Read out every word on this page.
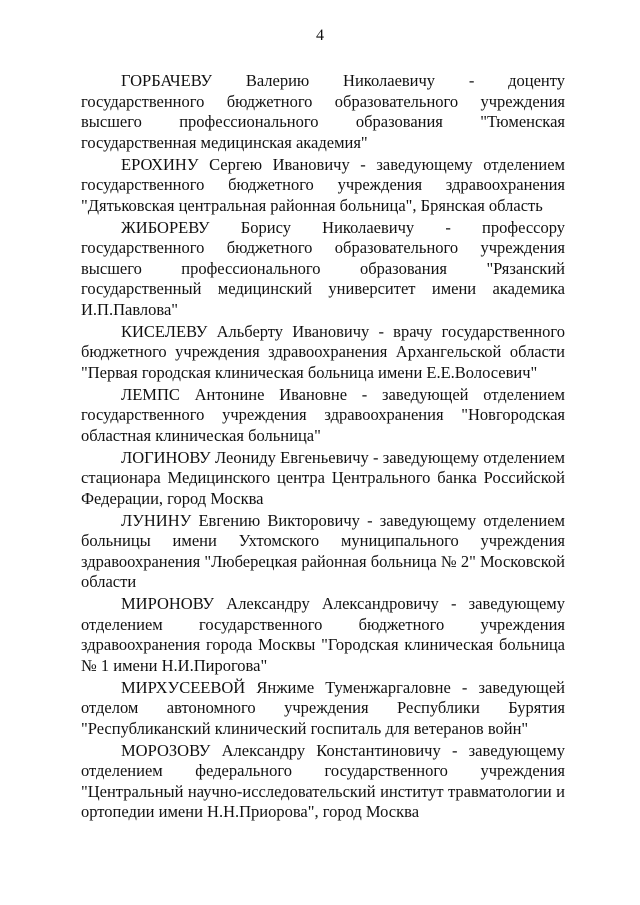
4
ГОРБАЧЕВУ Валерию Николаевичу - доценту
государственного бюджетного образовательного учреждения
высшего профессионального образования "Тюменская
государственная медицинская академия"
ЕРОХИНУ Сергею Ивановичу - заведующему отделением
государственного бюджетного учреждения здравоохранения
"Дятьковская центральная районная больница", Брянская область
ЖИБОРЕВУ Борису Николаевичу - профессору
государственного бюджетного образовательного учреждения
высшего профессионального образования "Рязанский
государственный медицинский университет имени академика
И.П.Павлова"
КИСЕЛЕВУ Альберту Ивановичу - врачу государственного
бюджетного учреждения здравоохранения Архангельской области
"Первая городская клиническая больница имени Е.Е.Волосевич"
ЛЕМПС Антонине Ивановне - заведующей отделением
государственного учреждения здравоохранения "Новгородская
областная клиническая больница"
ЛОГИНОВУ Леониду Евгеньевичу - заведующему отделением
стационара Медицинского центра Центрального банка Российской
Федерации, город Москва
ЛУНИНУ Евгению Викторовичу - заведующему отделением
больницы имени Ухтомского муниципального учреждения
здравоохранения "Люберецкая районная больница № 2" Московской
области
МИРОНОВУ Александру Александровичу - заведующему
отделением государственного бюджетного учреждения
здравоохранения города Москвы "Городская клиническая больница
№ 1 имени Н.И.Пирогова"
МИРХУСЕЕВОЙ Янжиме Туменжаргаловне - заведующей
отделом автономного учреждения Республики Бурятия
"Республиканский клинический госпиталь для ветеранов войн"
МОРОЗОВУ Александру Константиновичу - заведующему
отделением федерального государственного учреждения
"Центральный научно-исследовательский институт травматологии и
ортопедии имени Н.Н.Приорова", город Москва
